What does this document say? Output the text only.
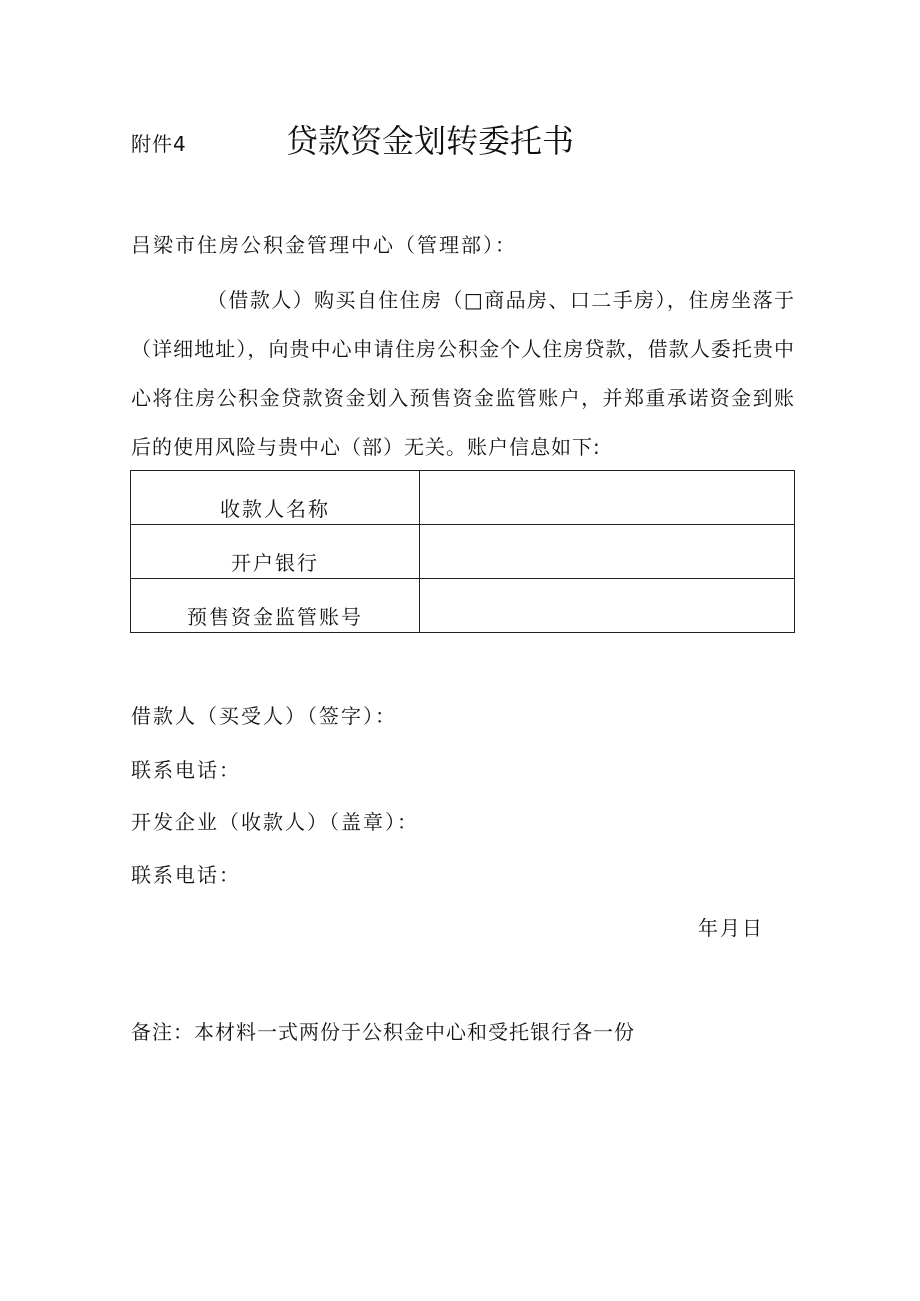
附件4	贷款资金划转委托书
吕梁市住房公积金管理中心（管理部）：
（借款人）购买自住住房（□商品房、口二手房），住房坐落于（详细地址），向贵中心申请住房公积金个人住房贷款，借款人委托贵中心将住房公积金贷款资金划入预售资金监管账户，并郑重承诺资金到账后的使用风险与贵中心（部）无关。账户信息如下:
收款人名称	
开户银行	
预售资金监管账号	
借款人（买受人）（签字）：
联系电话：
开发企业（收款人）（盖章）：
联系电话：
年月日
备注：本材料一式两份于公积金中心和受托银行各一份
